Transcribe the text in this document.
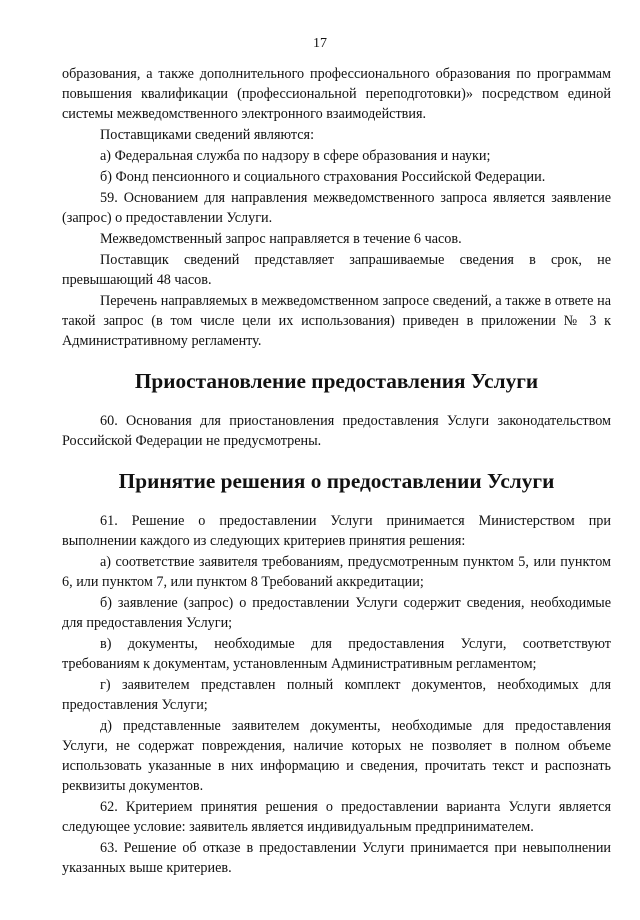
17

образования, а также дополнительного профессионального образования по программам повышения квалификации (профессиональной переподготовки)» посредством единой системы межведомственного электронного взаимодействия.

Поставщиками сведений являются:

а) Федеральная служба по надзору в сфере образования и науки;

б) Фонд пенсионного и социального страхования Российской Федерации.

59. Основанием для направления межведомственного запроса является заявление (запрос) о предоставлении Услуги.

Межведомственный запрос направляется в течение 6 часов.

Поставщик сведений представляет запрашиваемые сведения в срок, не превышающий 48 часов.

Перечень направляемых в межведомственном запросе сведений, а также в ответе на такой запрос (в том числе цели их использования) приведен в приложении № 3 к Административному регламенту.

Приостановление предоставления Услуги

60. Основания для приостановления предоставления Услуги законодательством Российской Федерации не предусмотрены.

Принятие решения о предоставлении Услуги

61. Решение о предоставлении Услуги принимается Министерством при выполнении каждого из следующих критериев принятия решения:

а) соответствие заявителя требованиям, предусмотренным пунктом 5, или пунктом 6, или пунктом 7, или пунктом 8 Требований аккредитации;

б) заявление (запрос) о предоставлении Услуги содержит сведения, необходимые для предоставления Услуги;

в) документы, необходимые для предоставления Услуги, соответствуют требованиям к документам, установленным Административным регламентом;

г) заявителем представлен полный комплект документов, необходимых для предоставления Услуги;

д) представленные заявителем документы, необходимые для предоставления Услуги, не содержат повреждения, наличие которых не позволяет в полном объеме использовать указанные в них информацию и сведения, прочитать текст и распознать реквизиты документов.

62. Критерием принятия решения о предоставлении варианта Услуги является следующее условие: заявитель является индивидуальным предпринимателем.

63. Решение об отказе в предоставлении Услуги принимается при невыполнении указанных выше критериев.
